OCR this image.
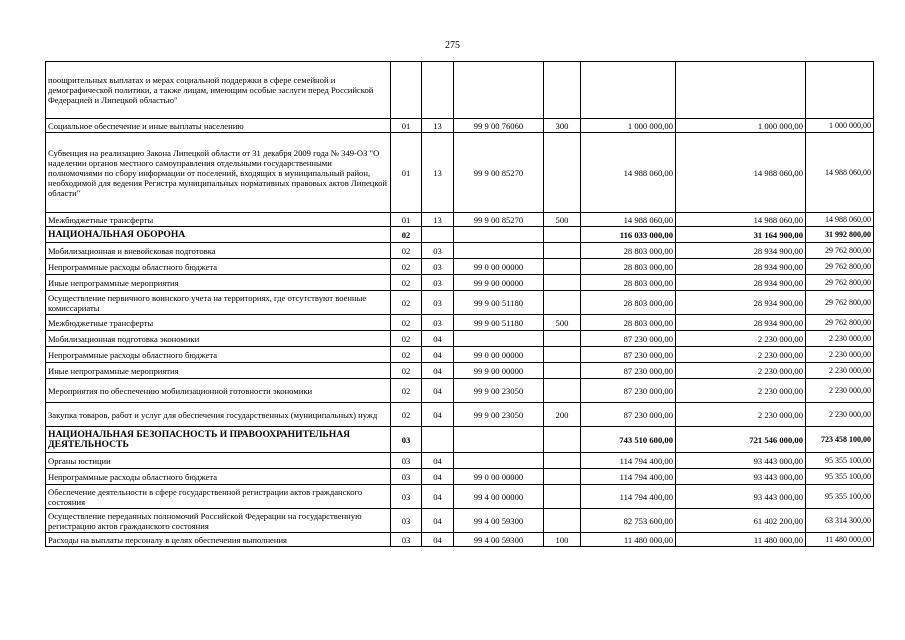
275
поощрительных выплатах и мерах социальной поддержки в сфере семейной и демографической политики, а также лицам, имеющим особые заслуги перед Российской Федерацией и Липецкой областью"							
Социальное обеспечение и иные выплаты населению	01	13	99 9 00 76060	300	1 000 000,00	1 000 000,00	1 000 000,00
Субвенция на реализацию Закона Липецкой области от 31 декабря 2009 года № 349-ОЗ "О наделении органов местного самоуправления отдельными государственными полномочиями по сбору информации от поселений, входящих в муниципальный район, необходимой для ведения Регистра муниципальных нормативных правовых актов Липецкой области"	01	13	99 9 00 85270		14 988 060,00	14 988 060,00	14 988 060,00
Межбюджетные трансферты	01	13	99 9 00 85270	500	14 988 060,00	14 988 060,00	14 988 060,00
НАЦИОНАЛЬНАЯ ОБОРОНА	02				116 033 000,00	31 164 900,00	31 992 800,00
Мобилизационная и вневойсковая подготовка	02	03			28 803 000,00	28 934 900,00	29 762 800,00
Непрограммные расходы областного бюджета	02	03	99 0 00 00000		28 803 000,00	28 934 900,00	29 762 800,00
Иные непрограммные мероприятия	02	03	99 9 00 00000		28 803 000,00	28 934 900,00	29 762 800,00
Осуществление первичного воинского учета на территориях, где отсутствуют военные комиссариаты	02	03	99 9 00 51180		28 803 000,00	28 934 900,00	29 762 800,00
Межбюджетные трансферты	02	03	99 9 00 51180	500	28 803 000,00	28 934 900,00	29 762 800,00
Мобилизационная подготовка экономики	02	04			87 230 000,00	2 230 000,00	2 230 000,00
Непрограммные расходы областного бюджета	02	04	99 0 00 00000		87 230 000,00	2 230 000,00	2 230 000,00
Иные непрограммные мероприятия	02	04	99 9 00 00000		87 230 000,00	2 230 000,00	2 230 000,00
Мероприятия по обеспечению мобилизационной готовности экономики	02	04	99 9 00 23050		87 230 000,00	2 230 000,00	2 230 000,00
Закупка товаров, работ и услуг для обеспечения государственных (муниципальных) нужд	02	04	99 9 00 23050	200	87 230 000,00	2 230 000,00	2 230 000,00
НАЦИОНАЛЬНАЯ БЕЗОПАСНОСТЬ И ПРАВООХРАНИТЕЛЬНАЯ ДЕЯТЕЛЬНОСТЬ	03				743 510 600,00	721 546 000,00	723 458 100,00
Органы юстиции	03	04			114 794 400,00	93 443 000,00	95 355 100,00
Непрограммные расходы областного бюджета	03	04	99 0 00 00000		114 794 400,00	93 443 000,00	95 355 100,00
Обеспечение деятельности в сфере государственной регистрации актов гражданского состояния	03	04	99 4 00 00000		114 794 400,00	93 443 000,00	95 355 100,00
Осуществление переданных полномочий Российской Федерации на государственную регистрацию актов гражданского состояния	03	04	99 4 00 59300		82 753 600,00	61 402 200,00	63 314 300,00
Расходы на выплаты персоналу в целях обеспечения выполнения	03	04	99 4 00 59300	100	11 480 000,00	11 480 000,00	11 480 000,00
